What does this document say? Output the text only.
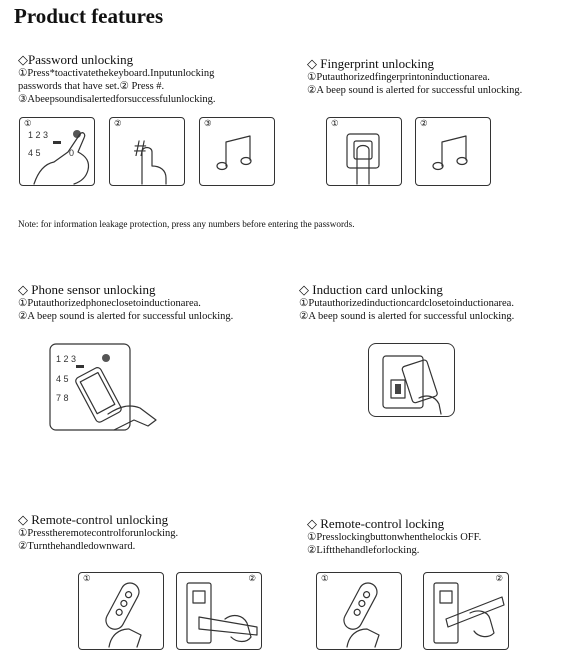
Product features
◇Password unlocking
①Press*toactivatethekeyboard.Inputunlocking
passwords that have set.② Press #.
③Abeepsoundisalertedforsuccessfulunlocking.
①
1 2 3
4 5	0
②
#
③
◇ Fingerprint unlocking
①Putauthorizedfingerprintoninductionarea.
②A beep sound is alerted for successful unlocking.
①	②
Note: for information leakage protection, press any numbers before entering the passwords.
◇ Phone sensor unlocking
①Putauthorizedphoneclosetoinductionarea.
②A beep sound is alerted for successful unlocking.
1 2 3
4 5
7 8
◇ Induction card unlocking
①Putauthorizedinductioncardclosetoinductionarea.
②A beep sound is alerted for successful unlocking.
◇ Remote-control unlocking
①Presstheremotecontrolforunlocking.
②Turnthehandledownward.
①	②
◇ Remote-control locking
①Presslockingbuttonwhenthelockis OFF.
②Liftthehandleforlocking.
①	②
